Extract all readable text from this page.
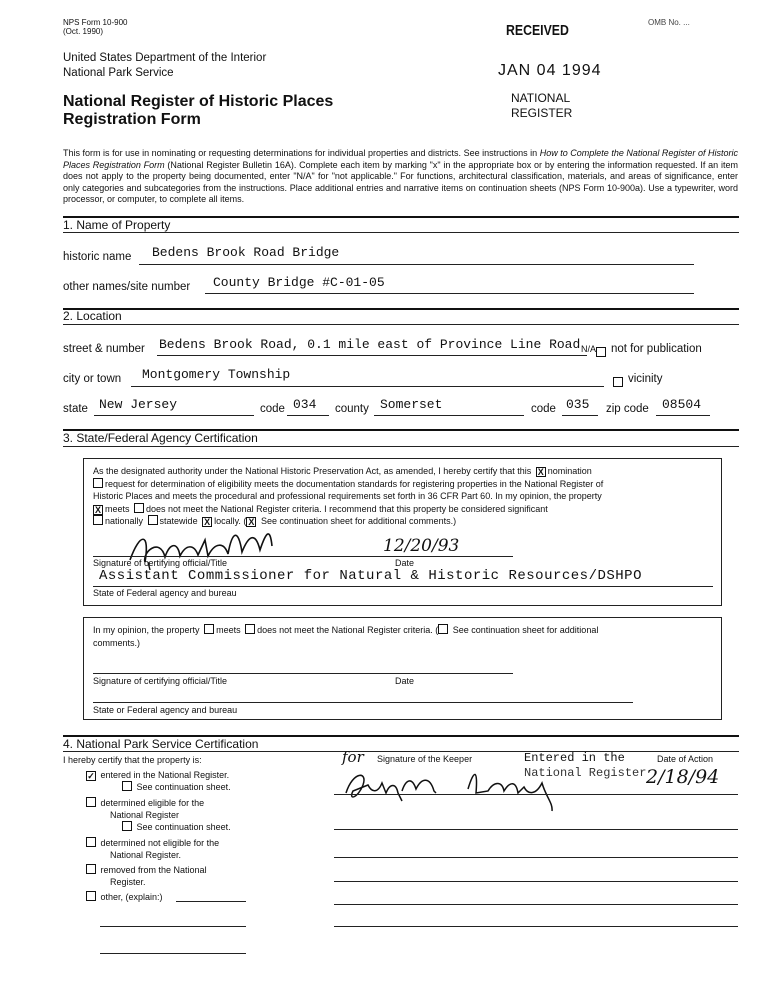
NPS Form 10-900
(Oct. 1990)
OMB No. ...
United States Department of the Interior
National Park Service
National Register of Historic Places
Registration Form
RECEIVED
JAN 04 1994
NATIONAL
REGISTER
This form is for use in nominating or requesting determinations for individual properties and districts. See instructions in How to Complete the National Register of Historic Places Registration Form (National Register Bulletin 16A). Complete each item by marking "x" in the appropriate box or by entering the information requested. If an item does not apply to the property being documented, enter "N/A" for "not applicable." For functions, architectural classification, materials, and areas of significance, enter only categories and subcategories from the instructions. Place additional entries and narrative items on continuation sheets (NPS Form 10-900a). Use a typewriter, word processor, or computer, to complete all items.
1. Name of Property
historic name Bedens Brook Road Bridge
other names/site number County Bridge #C-01-05
2. Location
street & number Bedens Brook Road, 0.1 mile east of Province Line Road N/A not for publication
city or town Montgomery Township	vicinity
state New Jersey	code 034 county Somerset	code 035 zip code 08504
3. State/Federal Agency Certification
As the designated authority under the National Historic Preservation Act, as amended, I hereby certify that this X nomination
request for determination of eligibility meets the documentation standards for registering properties in the National Register of
Historic Places and meets the procedural and professional requirements set forth in 36 CFR Part 60. In my opinion, the property
X meets does not meet the National Register criteria. I recommend that this property be considered significant
nationally statewide X locally. ( X See continuation sheet for additional comments.)
12/20/93
Signature of certifying official/Title	Date
Assistant Commissioner for Natural & Historic Resources/DSHPO
State of Federal agency and bureau
In my opinion, the property meets does not meet the National Register criteria. ( See continuation sheet for additional
comments.)
Signature of certifying official/Title	Date
State or Federal agency and bureau
4. National Park Service Certification
I hereby certify that the property is:
✓ entered in the National Register.
See continuation sheet.
determined eligible for the
National Register
See continuation sheet.
determined not eligible for the
National Register.
removed from the National
Register.
other, (explain:)
for Signature of the Keeper	Entered in the
National Register
Date of Action
2/18/94
